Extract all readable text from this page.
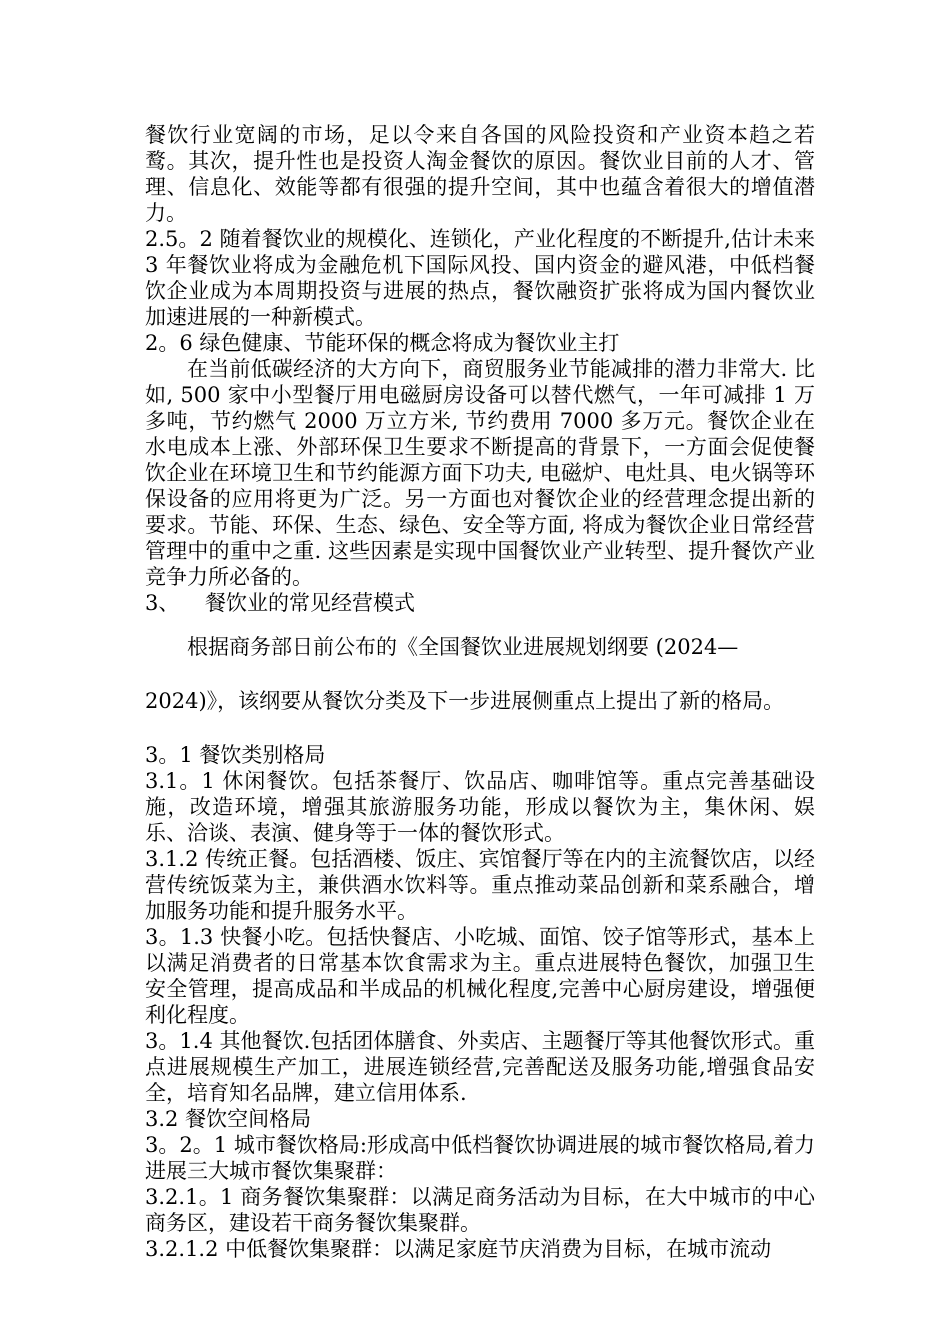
餐饮行业宽阔的市场，足以令来自各国的风险投资和产业资本趋之若鹜。其次，提升性也是投资人淘金餐饮的原因。餐饮业目前的人才、管理、信息化、效能等都有很强的提升空间，其中也蕴含着很大的增值潜力。

2.5。2 随着餐饮业的规模化、连锁化，产业化程度的不断提升,估计未来 3 年餐饮业将成为金融危机下国际风投、国内资金的避风港，中低档餐饮企业成为本周期投资与进展的热点，餐饮融资扩张将成为国内餐饮业加速进展的一种新模式。

2。6 绿色健康、节能环保的概念将成为餐饮业主打

在当前低碳经济的大方向下，商贸服务业节能减排的潜力非常大. 比如, 500 家中小型餐厅用电磁厨房设备可以替代燃气，一年可减排 1 万多吨，节约燃气 2000 万立方米, 节约费用 7000 多万元。餐饮企业在水电成本上涨、外部环保卫生要求不断提高的背景下，一方面会促使餐饮企业在环境卫生和节约能源方面下功夫, 电磁炉、电灶具、电火锅等环保设备的应用将更为广泛。另一方面也对餐饮企业的经营理念提出新的要求。节能、环保、生态、绿色、安全等方面, 将成为餐饮企业日常经营管理中的重中之重. 这些因素是实现中国餐饮业产业转型、提升餐饮产业竞争力所必备的。

3、 餐饮业的常见经营模式

根据商务部日前公布的《全国餐饮业进展规划纲要 (2024—

2024)》，该纲要从餐饮分类及下一步进展侧重点上提出了新的格局。

3。1 餐饮类别格局

3.1。1 休闲餐饮。包括茶餐厅、饮品店、咖啡馆等。重点完善基础设施，改造环境，增强其旅游服务功能，形成以餐饮为主，集休闲、娱乐、洽谈、表演、健身等于一体的餐饮形式。

3.1.2 传统正餐。包括酒楼、饭庄、宾馆餐厅等在内的主流餐饮店，以经营传统饭菜为主，兼供酒水饮料等。重点推动菜品创新和菜系融合，增加服务功能和提升服务水平。

3。1.3 快餐小吃。包括快餐店、小吃城、面馆、饺子馆等形式，基本上以满足消费者的日常基本饮食需求为主。重点进展特色餐饮，加强卫生安全管理，提高成品和半成品的机械化程度,完善中心厨房建设，增强便利化程度。

3。1.4 其他餐饮.包括团体膳食、外卖店、主题餐厅等其他餐饮形式。重点进展规模生产加工，进展连锁经营,完善配送及服务功能,增强食品安全，培育知名品牌，建立信用体系.

3.2 餐饮空间格局

3。2。1 城市餐饮格局:形成高中低档餐饮协调进展的城市餐饮格局,着力进展三大城市餐饮集聚群：

3.2.1。1 商务餐饮集聚群：以满足商务活动为目标，在大中城市的中心商务区，建设若干商务餐饮集聚群。

3.2.1.2 中低餐饮集聚群：以满足家庭节庆消费为目标，在城市流动
